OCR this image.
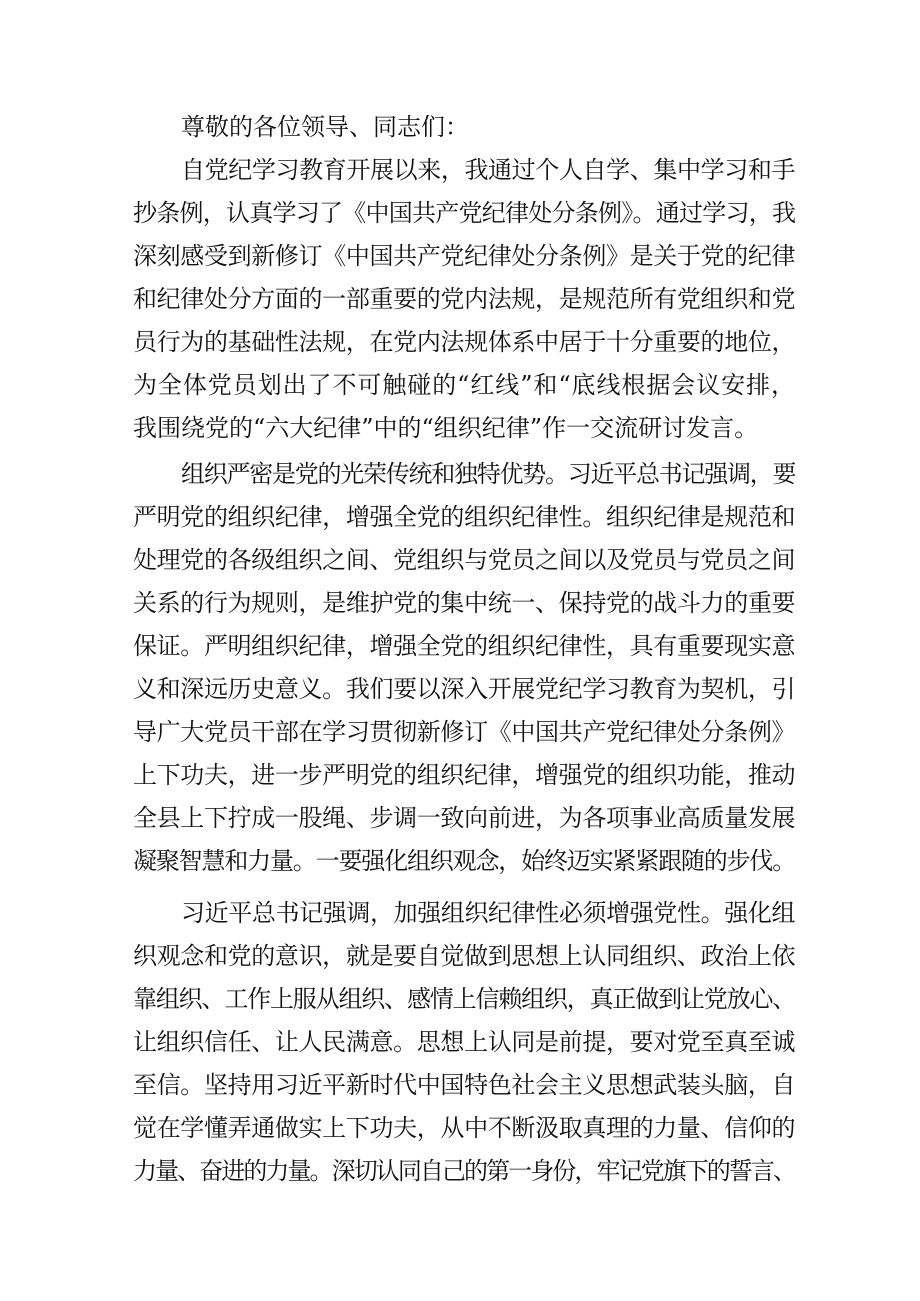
尊敬的各位领导、同志们：
自党纪学习教育开展以来，我通过个人自学、集中学习和手
抄条例，认真学习了《中国共产党纪律处分条例》。通过学习，我
深刻感受到新修订《中国共产党纪律处分条例》是关于党的纪律
和纪律处分方面的一部重要的党内法规，是规范所有党组织和党
员行为的基础性法规，在党内法规体系中居于十分重要的地位，
为全体党员划出了不可触碰的“红线”和“底线根据会议安排，
我围绕党的“六大纪律”中的“组织纪律”作一交流研讨发言。
组织严密是党的光荣传统和独特优势。习近平总书记强调，要
严明党的组织纪律，增强全党的组织纪律性。组织纪律是规范和
处理党的各级组织之间、党组织与党员之间以及党员与党员之间
关系的行为规则，是维护党的集中统一、保持党的战斗力的重要
保证。严明组织纪律，增强全党的组织纪律性，具有重要现实意
义和深远历史意义。我们要以深入开展党纪学习教育为契机，引
导广大党员干部在学习贯彻新修订《中国共产党纪律处分条例》
上下功夫，进一步严明党的组织纪律，增强党的组织功能，推动
全县上下拧成一股绳、步调一致向前进，为各项事业高质量发展
凝聚智慧和力量。一要强化组织观念，始终迈实紧紧跟随的步伐。
习近平总书记强调，加强组织纪律性必须增强党性。强化组
织观念和党的意识，就是要自觉做到思想上认同组织、政治上依
靠组织、工作上服从组织、感情上信赖组织，真正做到让党放心、
让组织信任、让人民满意。思想上认同是前提，要对党至真至诚
至信。坚持用习近平新时代中国特色社会主义思想武装头脑，自
觉在学懂弄通做实上下功夫，从中不断汲取真理的力量、信仰的
力量、奋进的力量。深切认同自己的第一身份，牢记党旗下的誓言、
